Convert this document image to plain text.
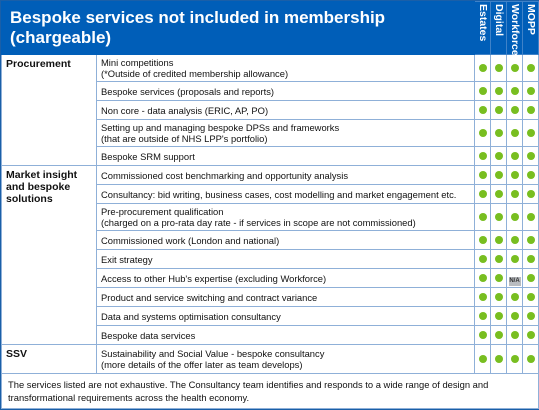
Bespoke services not included in membership (chargeable)		Estates	Digital	Workforce	MOPP

Procurement	Mini competitions
(*Outside of credited membership allowance)				
	Bespoke services (proposals and reports)				
	Non core - data analysis (ERIC, AP, PO)				
	Setting up and managing bespoke DPSs and frameworks
(that are outside of NHS LPP's portfolio)				
	Bespoke SRM support				
Market insight and bespoke solutions	Commissioned cost benchmarking and opportunity analysis				
	Consultancy: bid writing, business cases, cost modelling and market engagement etc.				
	Pre-procurement qualification
(charged on a pro-rata day rate - if services in scope are not commissioned)				
	Commissioned work (London and national)				
	Exit strategy				
	Access to other Hub's expertise (excluding Workforce)			N/A	
	Product and service switching and contract variance				
	Data and systems optimisation consultancy				
	Bespoke data services				
SSV	Sustainability and Social Value - bespoke consultancy
(more details of the offer later as team develops)				
The services listed are not exhaustive. The Consultancy team identifies and responds to a wide range of design and transformational requirements across the health economy.					
